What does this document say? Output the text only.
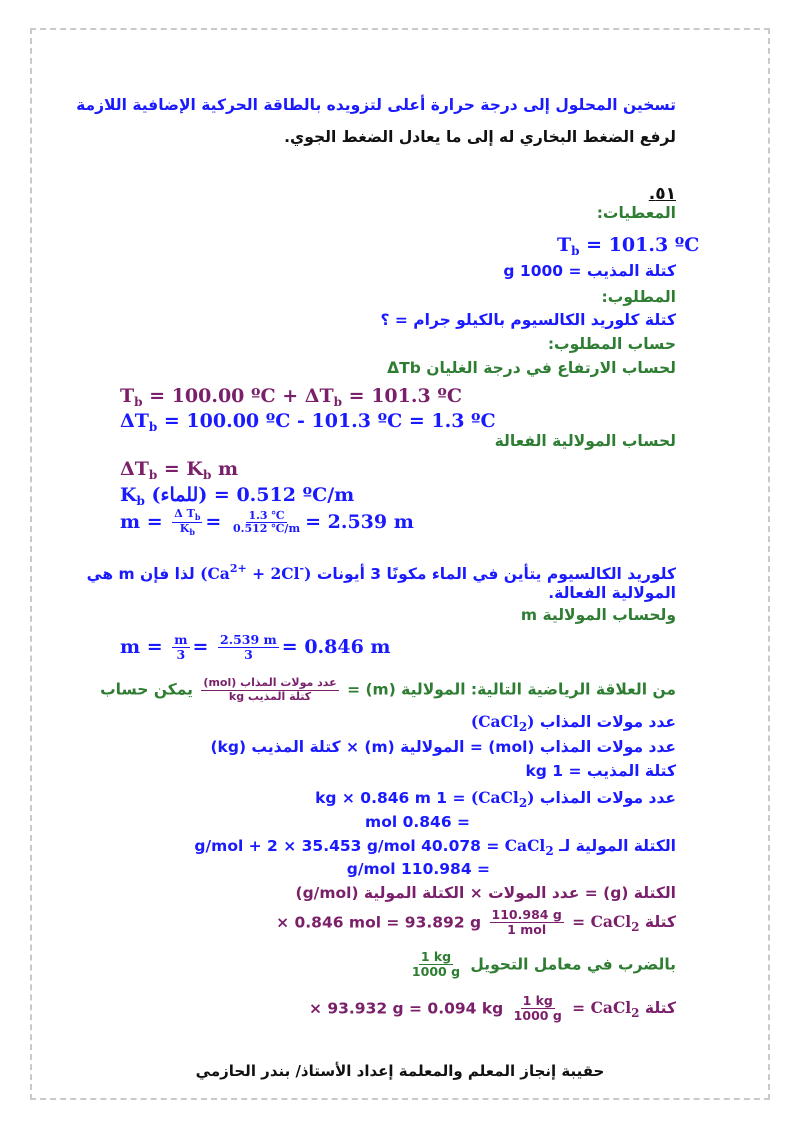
تسخين المحلول إلى درجة حرارة أعلى لتزويده بالطاقة الحركية الإضافية اللازمة
لرفع الضغط البخاري له إلى ما يعادل الضغط الجوي.
٥١.
المعطيات:
$T_b = 101.3$ ºC
كتلة المذيب = 1000 g
المطلوب:
كتلة كلوريد الكالسيوم بالكيلو جرام = ؟
حساب المطلوب:
لحساب الارتفاع في درجة الغليان ΔTb
$T_b = 100.00$ ºC + $\Delta T_b = 101.3$ ºC
$\Delta T_b = 100.00$ ºC - 101.3 ºC = 1.3 ºC
لحساب المولالية الفعالة
$\Delta T_b = K_b$ m
$K_b$ (للماء) = 0.512 ºC/m
$m = \frac{\Delta T_b}{K_b} = \frac{1.3 ℃}{0.512 ℃/m} = 2.539$ m
كلوريد الكالسيوم يتأين في الماء مكونًا 3 أيونات $(Ca^{2+} + 2Cl^-)$ لذا فإن m هي
المولالية الفعالة.
ولحساب المولالية m
$m = \frac{m}{3} = \frac{2.539 m}{3} = 0.846$ m
من العلاقة الرياضية التالية: المولالية (m) =
$\frac{\text{عدد مولات المذاب (mol)}}{\text{كتلة المذيب kg}}$
يمكن حساب
عدد مولات المذاب (CaCl$_2$)
عدد مولات المذاب (mol) = المولالية (m) × كتلة المذيب (kg)
كتلة المذيب = 1 kg
عدد مولات المذاب (CaCl$_2$) = 1 kg × 0.846 m
= 0.846 mol
الكتلة المولية لـ CaCl$_2$ = 40.078 g/mol + 2 × 35.453 g/mol
= 110.984 g/mol
الكتلة (g) = عدد المولات × الكتلة المولية (g/mol)
كتلة CaCl$_2$ =
$\frac{110.984 g}{\text{1 mol}}$
× 0.846 mol = 93.892 g
بالضرب في معامل التحويل
$\frac{1 kg}{1000 g}$
كتلة CaCl$_2$ =
$\frac{1 kg}{1000 g}$
× 93.932 g = 0.094 kg
حقيبة إنجاز المعلم والمعلمة إعداد الأستاذ/ بندر الحازمي
